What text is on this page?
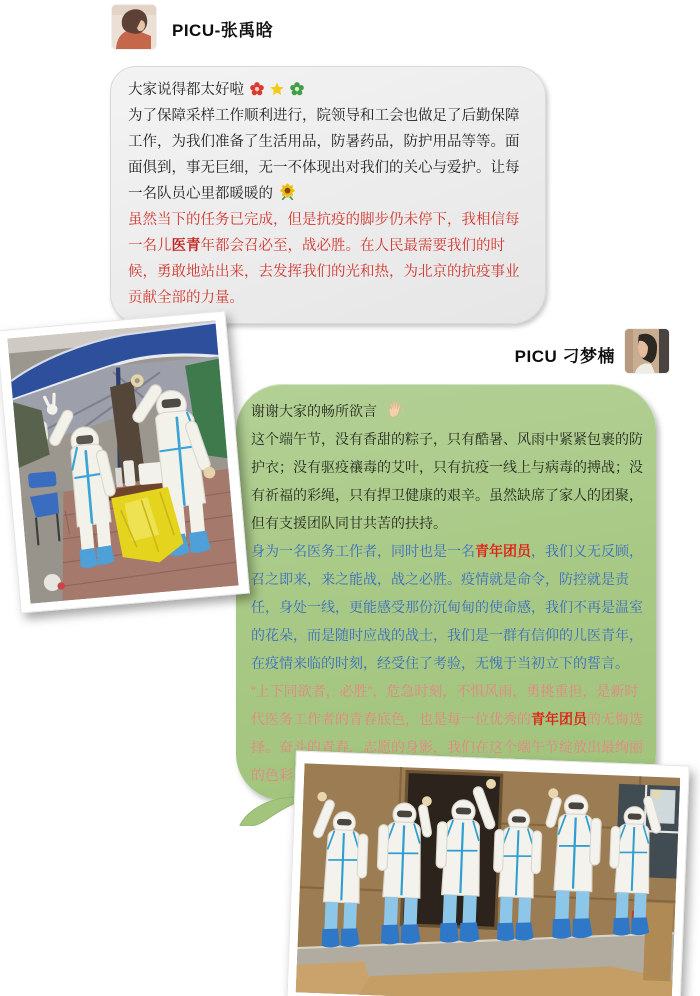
PICU-张禹晗

大家说得都太好啦

为了保障采样工作顺利进行，院领导和工会也做足了后勤保障工作，为我们准备了生活用品，防暑药品，防护用品等等。面面俱到，事无巨细，无一不体现出对我们的关心与爱护。让每一名队员心里都暖暖的

虽然当下的任务已完成，但是抗疫的脚步仍未停下，我相信每一名儿医青年都会召必至，战必胜。在人民最需要我们的时候，勇敢地站出来，去发挥我们的光和热，为北京的抗疫事业贡献全部的力量。

PICU 刁梦楠

谢谢大家的畅所欲言

这个端午节，没有香甜的粽子，只有酷暑、风雨中紧紧包裹的防护衣；没有驱疫禳毒的艾叶，只有抗疫一线上与病毒的搏战；没有祈福的彩绳，只有捍卫健康的艰辛。虽然缺席了家人的团聚，但有支援团队同甘共苦的扶持。

身为一名医务工作者，同时也是一名青年团员，我们义无反顾，召之即来，来之能战，战之必胜。疫情就是命令，防控就是责任，身处一线，更能感受那份沉甸甸的使命感，我们不再是温室的花朵，而是随时应战的战士，我们是一群有信仰的儿医青年，在疫情来临的时刻，经受住了考验，无愧于当初立下的誓言。

“上下同欲者，必胜”，危急时刻，不惧风雨，勇挑重担，是新时代医务工作者的青春底色，也是每一位优秀的青年团员的无悔选择。奋斗的青春，志愿的身影，我们在这个端午节绽放出最绚丽的色彩
